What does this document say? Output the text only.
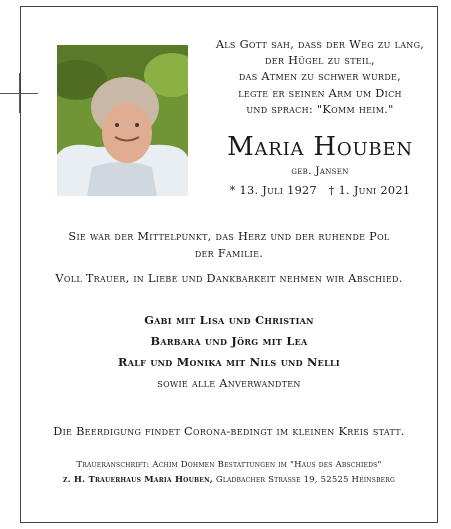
Als Gott sah, dass der Weg zu lang,
der Hügel zu steil,
das Atmen zu schwer wurde,
legte er seinen Arm um Dich
und sprach: "Komm heim."
Maria Houben
geb. Jansen
* 13. Juli 1927 † 1. Juni 2021
Sie war der Mittelpunkt, das Herz und der ruhende Pol
der Familie.
Voll Trauer, in Liebe und Dankbarkeit nehmen wir Abschied.
Gabi mit Lisa und Christian
Barbara und Jörg mit Lea
Ralf und Monika mit Nils und Nelli
sowie alle Anverwandten
Die Beerdigung findet Corona-bedingt im kleinen Kreis statt.
Traueranschrift: Achim Dohmen Bestattungen im "Haus des Abschieds"
z. H. Trauerhaus Maria Houben, Gladbacher Strasse 19, 52525 Heinsberg
